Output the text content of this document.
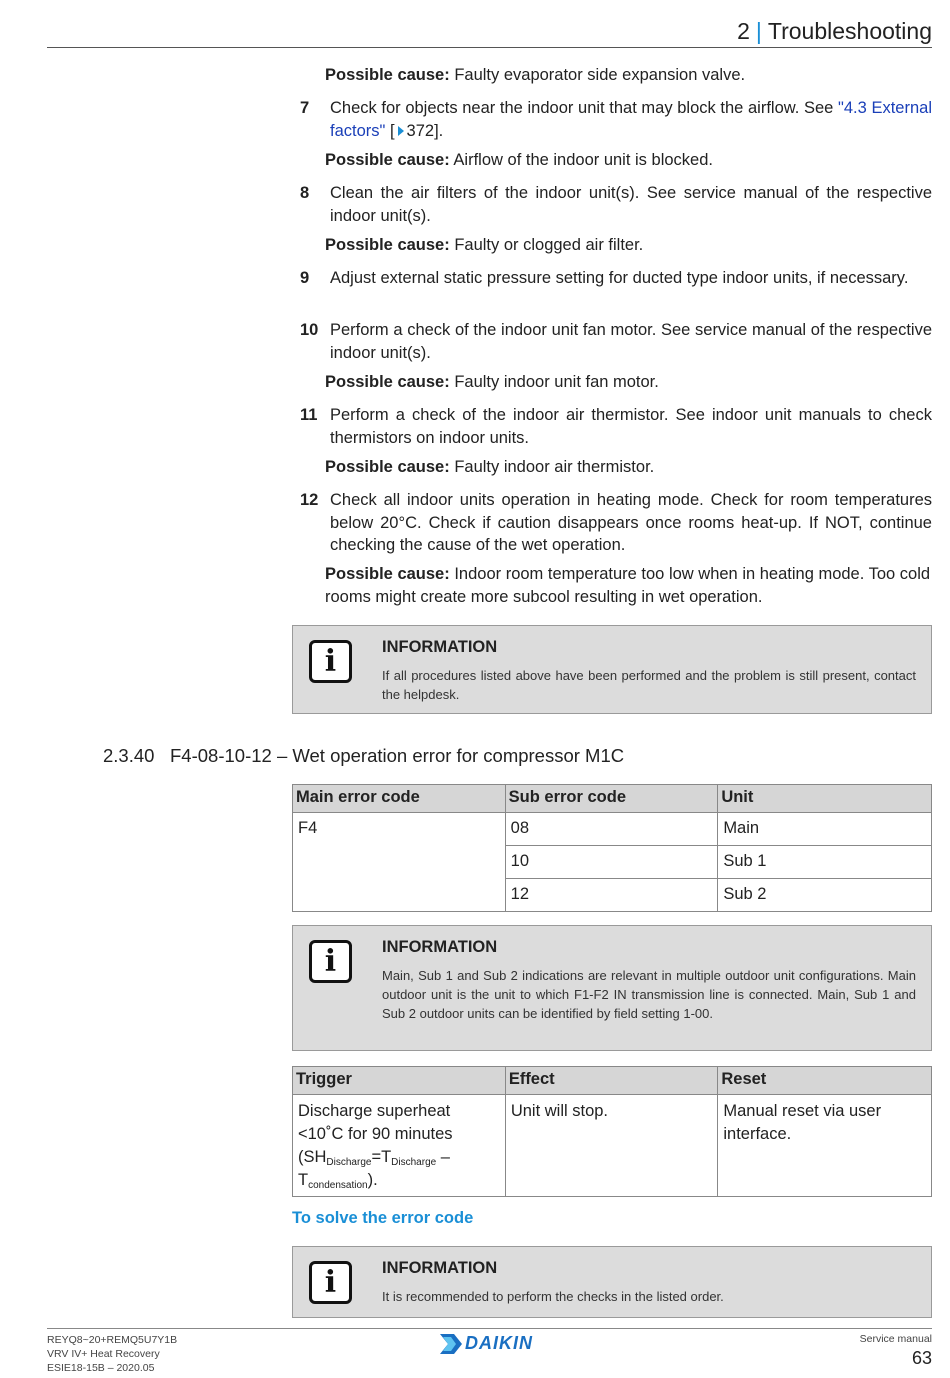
2 | Troubleshooting
Possible cause: Faulty evaporator side expansion valve.
7 Check for objects near the indoor unit that may block the airflow. See "4.3 External factors" [ 372].
Possible cause: Airflow of the indoor unit is blocked.
8 Clean the air filters of the indoor unit(s). See service manual of the respective indoor unit(s).
Possible cause: Faulty or clogged air filter.
9 Adjust external static pressure setting for ducted type indoor units, if necessary.
10 Perform a check of the indoor unit fan motor. See service manual of the respective indoor unit(s).
Possible cause: Faulty indoor unit fan motor.
11 Perform a check of the indoor air thermistor. See indoor unit manuals to check thermistors on indoor units.
Possible cause: Faulty indoor air thermistor.
12 Check all indoor units operation in heating mode. Check for room temperatures below 20°C. Check if caution disappears once rooms heat-up. If NOT, continue checking the cause of the wet operation.
Possible cause: Indoor room temperature too low when in heating mode. Too cold rooms might create more subcool resulting in wet operation.
i	INFORMATION
If all procedures listed above have been performed and the problem is still present, contact the helpdesk.
2.3.40 F4-08-10-12 – Wet operation error for compressor M1C
Main error code	Sub error code	Unit
F4	08	Main
	10	Sub 1
	12	Sub 2
i	INFORMATION
Main, Sub 1 and Sub 2 indications are relevant in multiple outdoor unit configurations. Main outdoor unit is the unit to which F1-F2 IN transmission line is connected. Main, Sub 1 and Sub 2 outdoor units can be identified by field setting 1-00.
Trigger	Effect	Reset
Discharge superheat <10˚C for 90 minutes $(SH_{Discharge}=T_{Discharge} - T_{condensation})$.	Unit will stop.	Manual reset via user interface.
To solve the error code
i	INFORMATION
It is recommended to perform the checks in the listed order.
REYQ8~20+REMQ5U7Y1B
VRV IV+ Heat Recovery
ESIE18-15B – 2020.05
DAIKIN	Service manual
63
